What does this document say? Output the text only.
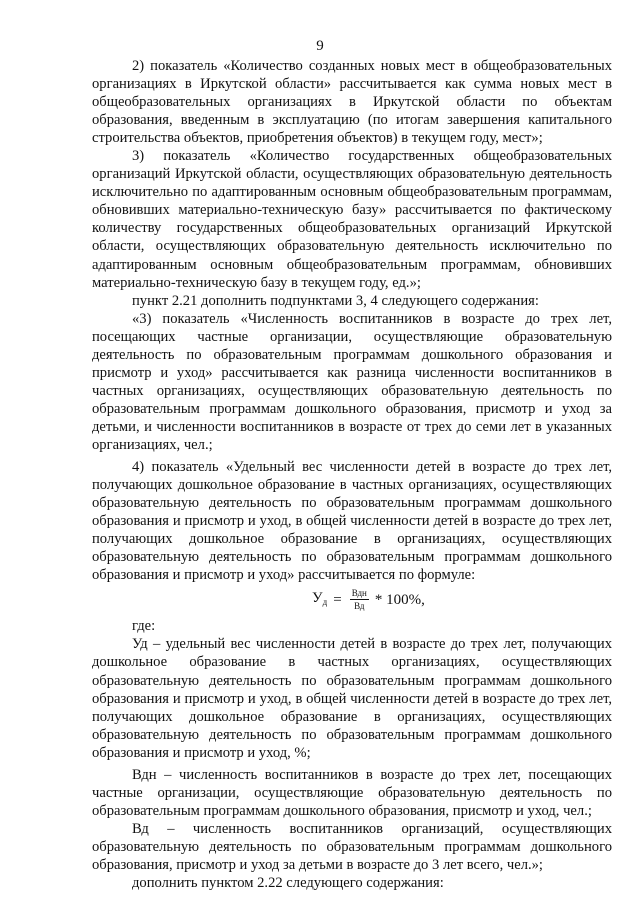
9

2) показатель «Количество созданных новых мест в общеобразовательных организациях в Иркутской области» рассчитывается как сумма новых мест в общеобразовательных организациях в Иркутской области по объектам образования, введенным в эксплуатацию (по итогам завершения капитального строительства объектов, приобретения объектов) в текущем году, мест»;

3) показатель «Количество государственных общеобразовательных организаций Иркутской области, осуществляющих образовательную деятельность исключительно по адаптированным основным общеобразовательным программам, обновивших материально-техническую базу» рассчитывается по фактическому количеству государственных общеобразовательных организаций Иркутской области, осуществляющих образовательную деятельность исключительно по адаптированным основным общеобразовательным программам, обновивших материально-техническую базу в текущем году, ед.»;

пункт 2.21 дополнить подпунктами 3, 4 следующего содержания:

«3) показатель «Численность воспитанников в возрасте до трех лет, посещающих частные организации, осуществляющие образовательную деятельность по образовательным программам дошкольного образования и присмотр и уход» рассчитывается как разница численности воспитанников в частных организациях, осуществляющих образовательную деятельность по образовательным программам дошкольного образования, присмотр и уход за детьми, и численности воспитанников в возрасте от трех до семи лет в указанных организациях, чел.;

4) показатель «Удельный вес численности детей в возрасте до трех лет, получающих дошкольное образование в частных организациях, осуществляющих образовательную деятельность по образовательным программам дошкольного образования и присмотр и уход, в общей численности детей в возрасте до трех лет, получающих дошкольное образование в организациях, осуществляющих образовательную деятельность по образовательным программам дошкольного образования и присмотр и уход» рассчитывается по формуле:

$У_д = \frac{\text{Вдн}}{Вд} * 100\%$,

где:

Уд – удельный вес численности детей в возрасте до трех лет, получающих дошкольное образование в частных организациях, осуществляющих образовательную деятельность по образовательным программам дошкольного образования и присмотр и уход, в общей численности детей в возрасте до трех лет, получающих дошкольное образование в организациях, осуществляющих образовательную деятельность по образовательным программам дошкольного образования и присмотр и уход, %;

Вдн – численность воспитанников в возрасте до трех лет, посещающих частные организации, осуществляющие образовательную деятельность по образовательным программам дошкольного образования, присмотр и уход, чел.;

Вд – численность воспитанников организаций, осуществляющих образовательную деятельность по образовательным программам дошкольного образования, присмотр и уход за детьми в возрасте до 3 лет всего, чел.»;

дополнить пунктом 2.22 следующего содержания:
